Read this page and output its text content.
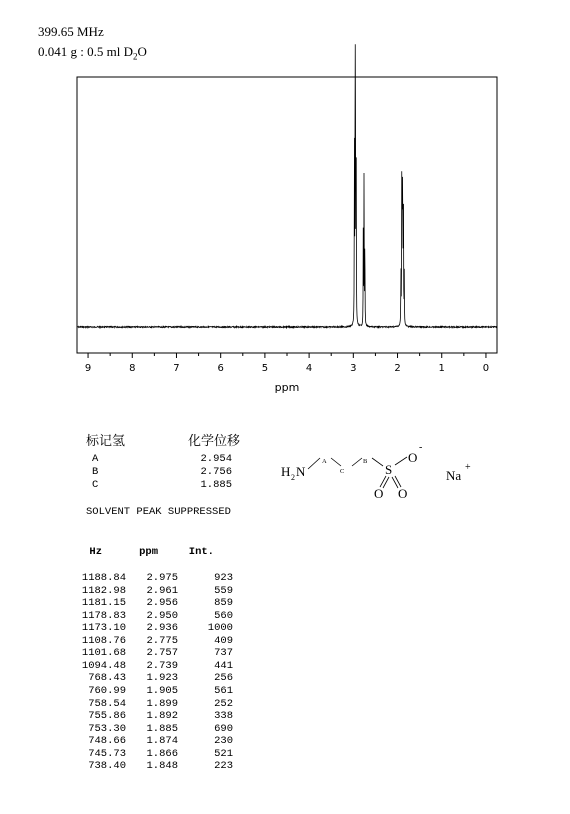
399.65 MHz
0.041 g : 0.5 ml $D_2O$
9	8	7	6	5	4	3	2	1	0
ppm
标记氢	化学位移
A	2.954
B	2.756
C	1.885
H 2 N
A
C
B
S
O
-
O O
Na
+
SOLVENT PEAK SUPPRESSED
Hz	ppm	Int.
1188.84 2.975	923
1182.98 2.961	559
1181.15 2.956	859
1178.83 2.950	560
1173.10 2.936	1000
1108.76 2.775	409
1101.68 2.757	737
1094.48 2.739	441
768.43 1.923	256
760.99 1.905	561
758.54 1.899	252
755.86 1.892	338
753.30 1.885	690
748.66 1.874	230
745.73 1.866	521
738.40 1.848	223
